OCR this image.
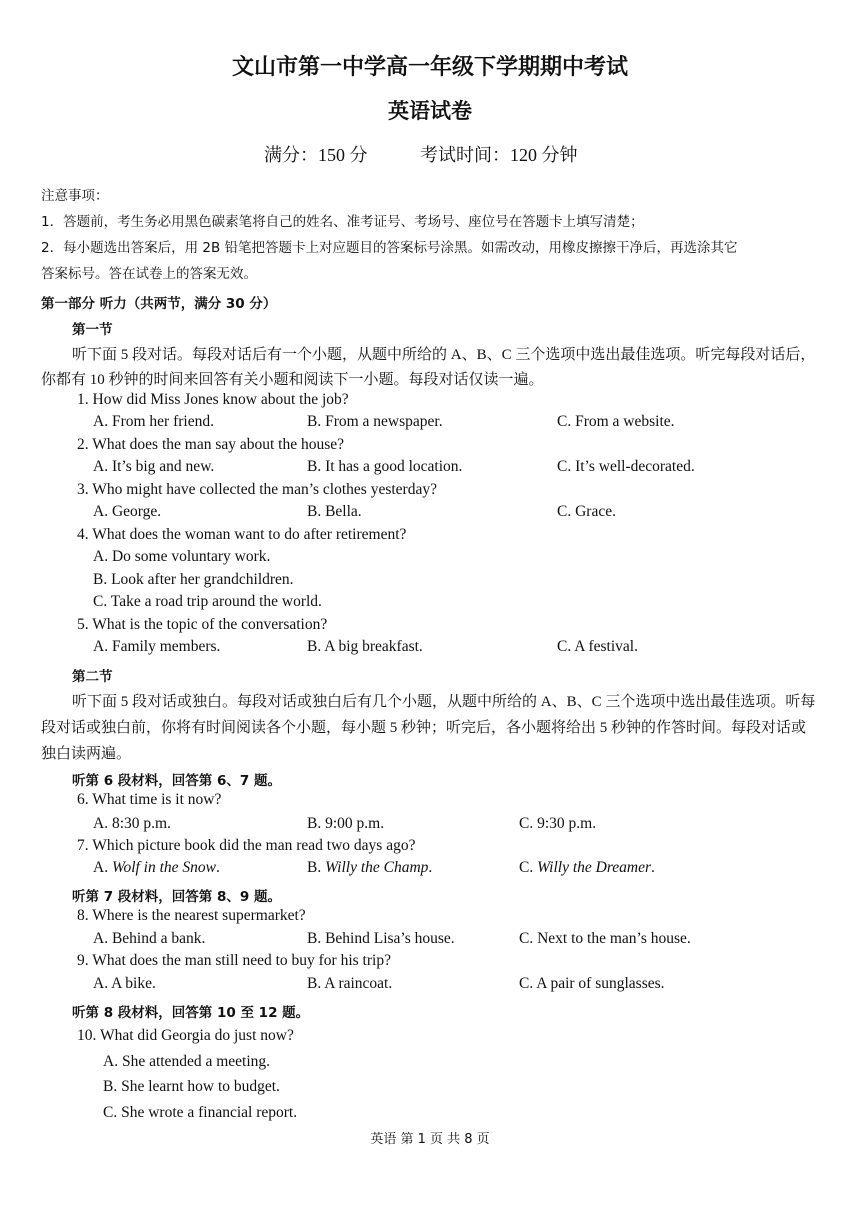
文山市第一中学高一年级下学期期中考试
英语试卷
满分：150 分	考试时间：120 分钟
注意事项：
1．答题前，考生务必用黑色碳素笔将自己的姓名、准考证号、考场号、座位号在答题卡上填写清楚；
2．每小题选出答案后，用 2B 铅笔把答题卡上对应题目的答案标号涂黑。如需改动，用橡皮擦擦干净后，再选涂其它
答案标号。答在试卷上的答案无效。
第一部分 听力（共两节，满分 30 分）
第一节
听下面 5 段对话。每段对话后有一个小题，从题中所给的 A、B、C 三个选项中选出最佳选项。听完每段对话后，
你都有 10 秒钟的时间来回答有关小题和阅读下一小题。每段对话仅读一遍。
1. How did Miss Jones know about the job?
A. From her friend.	B. From a newspaper.	C. From a website.
2. What does the man say about the house?
A. It’s big and new.	B. It has a good location.	C. It’s well-decorated.
3. Who might have collected the man’s clothes yesterday?
A. George.	B. Bella.	C. Grace.
4. What does the woman want to do after retirement?
A. Do some voluntary work.
B. Look after her grandchildren.
C. Take a road trip around the world.
5. What is the topic of the conversation?
A. Family members.	B. A big breakfast.	C. A festival.
第二节
听下面 5 段对话或独白。每段对话或独白后有几个小题，从题中所给的 A、B、C 三个选项中选出最佳选项。听每
段对话或独白前，你将有时间阅读各个小题，每小题 5 秒钟；听完后，各小题将给出 5 秒钟的作答时间。每段对话或
独白读两遍。
听第 6 段材料，回答第 6、7 题。
6. What time is it now?
A. 8:30 p.m.	B. 9:00 p.m.	C. 9:30 p.m.
7. Which picture book did the man read two days ago?
A. Wolf in the Snow.	B. Willy the Champ.	C. Willy the Dreamer.
听第 7 段材料，回答第 8、9 题。
8. Where is the nearest supermarket?
A. Behind a bank.	B. Behind Lisa’s house.	C. Next to the man’s house.
9. What does the man still need to buy for his trip?
A. A bike.	B. A raincoat.	C. A pair of sunglasses.
听第 8 段材料，回答第 10 至 12 题。
10. What did Georgia do just now?
A. She attended a meeting.
B. She learnt how to budget.
C. She wrote a financial report.
英语 第 1 页 共 8 页
